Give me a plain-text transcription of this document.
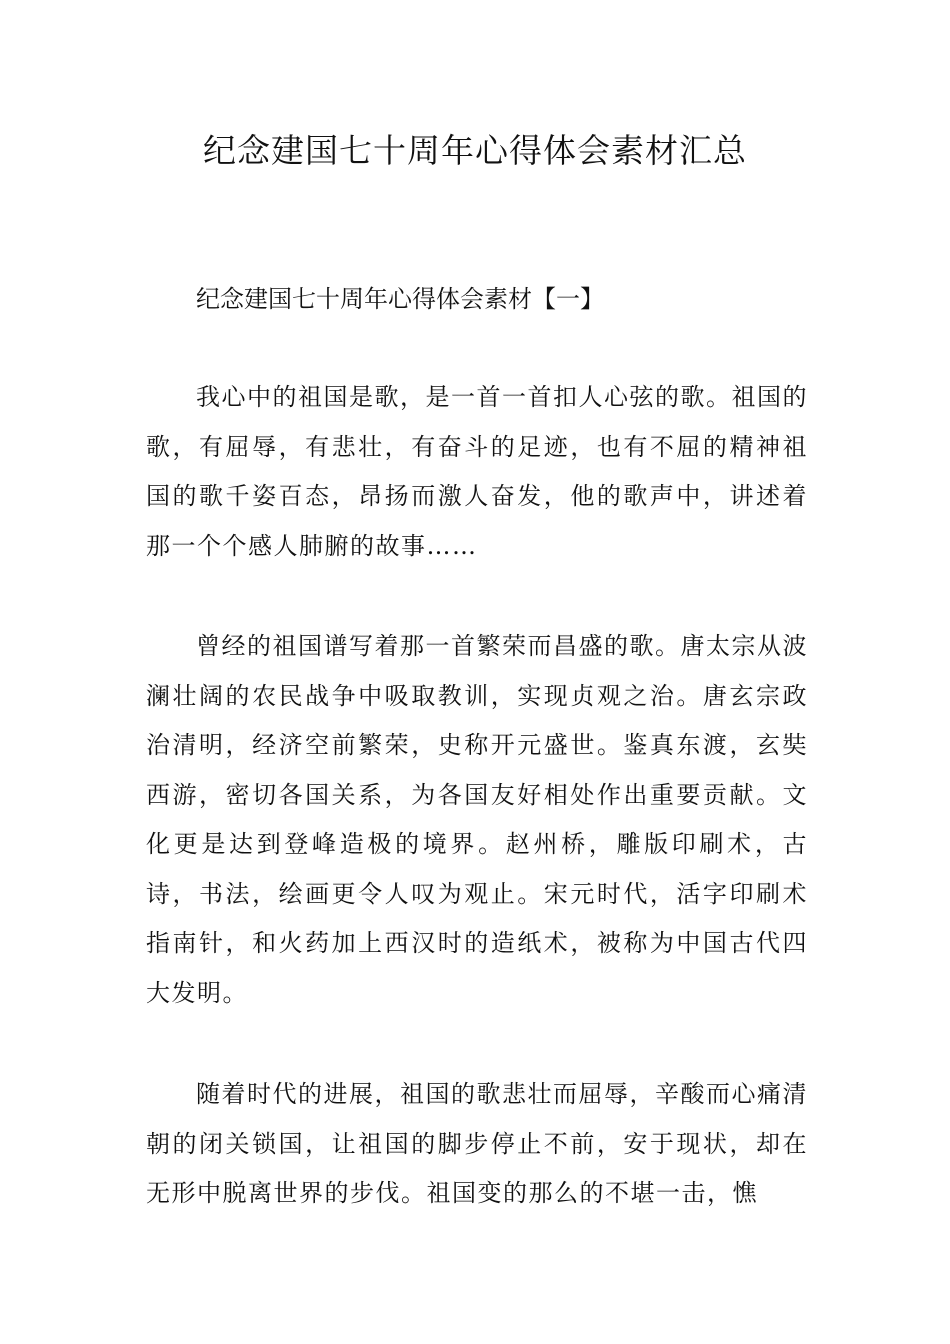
纪念建国七十周年心得体会素材汇总

纪念建国七十周年心得体会素材【一】

我心中的祖国是歌，是一首一首扣人心弦的歌。祖国的歌，有屈辱，有悲壮，有奋斗的足迹，也有不屈的精神祖国的歌千姿百态，昂扬而激人奋发，他的歌声中，讲述着那一个个感人肺腑的故事……

曾经的祖国谱写着那一首繁荣而昌盛的歌。唐太宗从波澜壮阔的农民战争中吸取教训，实现贞观之治。唐玄宗政治清明，经济空前繁荣，史称开元盛世。鉴真东渡，玄奘西游，密切各国关系，为各国友好相处作出重要贡献。文化更是达到登峰造极的境界。赵州桥，雕版印刷术，古诗，书法，绘画更令人叹为观止。宋元时代，活字印刷术指南针，和火药加上西汉时的造纸术，被称为中国古代四大发明。

随着时代的进展，祖国的歌悲壮而屈辱，辛酸而心痛清朝的闭关锁国，让祖国的脚步停止不前，安于现状，却在无形中脱离世界的步伐。祖国变的那么的不堪一击，憔
